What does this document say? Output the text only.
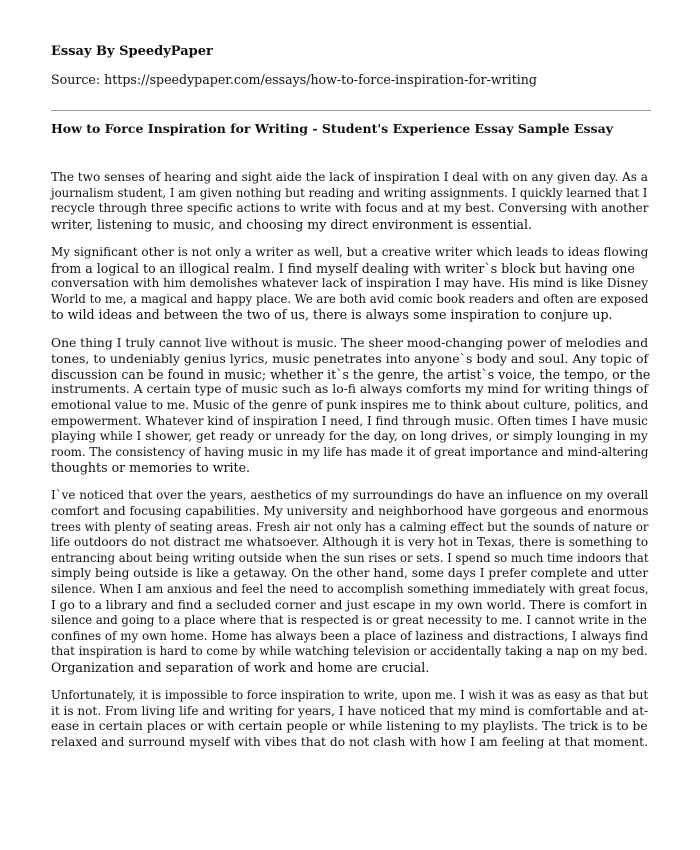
Essay By SpeedyPaper

Source: https://speedypaper.com/essays/how-to-force-inspiration-for-writing

How to Force Inspiration for Writing - Student's Experience Essay Sample Essay

The two senses of hearing and sight aide the lack of inspiration I deal with on any given day. As a
journalism student, I am given nothing but reading and writing assignments. I quickly learned that I
recycle through three specific actions to write with focus and at my best. Conversing with another
writer, listening to music, and choosing my direct environment is essential.

My significant other is not only a writer as well, but a creative writer which leads to ideas flowing
from a logical to an illogical realm. I find myself dealing with writer`s block but having one
conversation with him demolishes whatever lack of inspiration I may have. His mind is like Disney
World to me, a magical and happy place. We are both avid comic book readers and often are exposed
to wild ideas and between the two of us, there is always some inspiration to conjure up.

One thing I truly cannot live without is music. The sheer mood-changing power of melodies and
tones, to undeniably genius lyrics, music penetrates into anyone`s body and soul. Any topic of
discussion can be found in music; whether it`s the genre, the artist`s voice, the tempo, or the
instruments. A certain type of music such as lo-fi always comforts my mind for writing things of
emotional value to me. Music of the genre of punk inspires me to think about culture, politics, and
empowerment. Whatever kind of inspiration I need, I find through music. Often times I have music
playing while I shower, get ready or unready for the day, on long drives, or simply lounging in my
room. The consistency of having music in my life has made it of great importance and mind-altering
thoughts or memories to write.

I`ve noticed that over the years, aesthetics of my surroundings do have an influence on my overall
comfort and focusing capabilities. My university and neighborhood have gorgeous and enormous
trees with plenty of seating areas. Fresh air not only has a calming effect but the sounds of nature or
life outdoors do not distract me whatsoever. Although it is very hot in Texas, there is something to
entrancing about being writing outside when the sun rises or sets. I spend so much time indoors that
simply being outside is like a getaway. On the other hand, some days I prefer complete and utter
silence. When I am anxious and feel the need to accomplish something immediately with great focus,
I go to a library and find a secluded corner and just escape in my own world. There is comfort in
silence and going to a place where that is respected is or great necessity to me. I cannot write in the
confines of my own home. Home has always been a place of laziness and distractions, I always find
that inspiration is hard to come by while watching television or accidentally taking a nap on my bed.
Organization and separation of work and home are crucial.

Unfortunately, it is impossible to force inspiration to write, upon me. I wish it was as easy as that but
it is not. From living life and writing for years, I have noticed that my mind is comfortable and at-
ease in certain places or with certain people or while listening to my playlists. The trick is to be
relaxed and surround myself with vibes that do not clash with how I am feeling at that moment.
